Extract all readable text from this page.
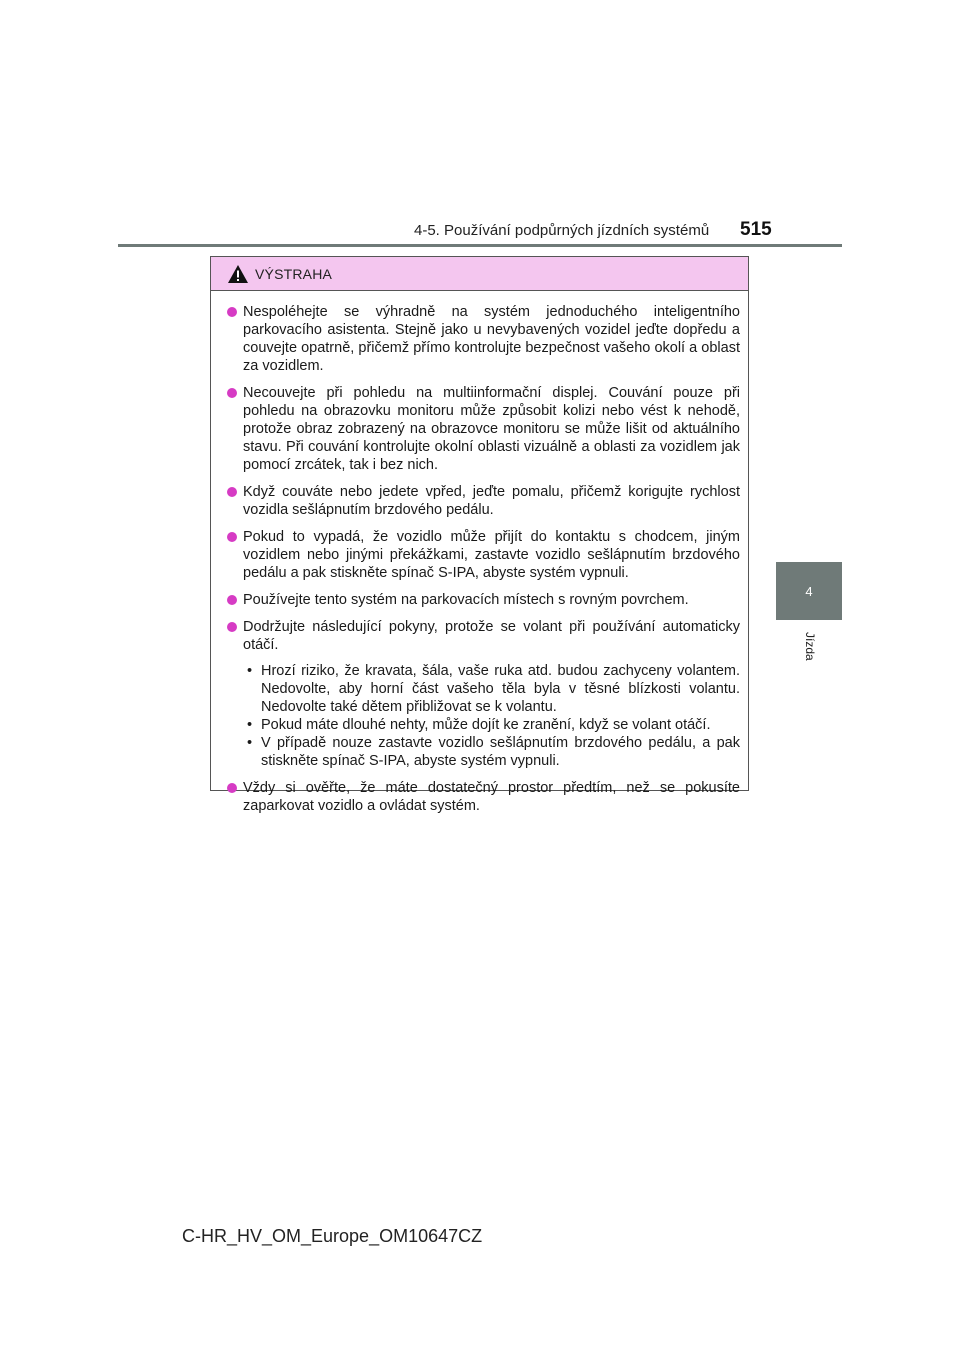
4-5. Používání podpůrných jízdních systémů 515
4
Jízda
VÝSTRAHA
Nespoléhejte se výhradně na systém jednoduchého inteligentního parkovacího asistenta. Stejně jako u nevybavených vozidel jeďte dopředu a couvejte opatrně, přičemž přímo kontrolujte bezpečnost vašeho okolí a oblast za vozidlem.
Necouvejte při pohledu na multiinformační displej. Couvání pouze při pohledu na obrazovku monitoru může způsobit kolizi nebo vést k nehodě, protože obraz zobrazený na obrazovce monitoru se může lišit od aktuálního stavu. Při couvání kontrolujte okolní oblasti vizuálně a oblasti za vozidlem jak pomocí zrcátek, tak i bez nich.
Když couváte nebo jedete vpřed, jeďte pomalu, přičemž korigujte rychlost vozidla sešlápnutím brzdového pedálu.
Pokud to vypadá, že vozidlo může přijít do kontaktu s chodcem, jiným vozidlem nebo jinými překážkami, zastavte vozidlo sešlápnutím brzdového pedálu a pak stiskněte spínač S-IPA, abyste systém vypnuli.
Používejte tento systém na parkovacích místech s rovným povrchem.
Dodržujte následující pokyny, protože se volant při používání automaticky otáčí.
• Hrozí riziko, že kravata, šála, vaše ruka atd. budou zachyceny volantem. Nedovolte, aby horní část vašeho těla byla v těsné blízkosti volantu. Nedovolte také dětem přibližovat se k volantu.
• Pokud máte dlouhé nehty, může dojít ke zranění, když se volant otáčí.
• V případě nouze zastavte vozidlo sešlápnutím brzdového pedálu, a pak stiskněte spínač S-IPA, abyste systém vypnuli.
Vždy si ověřte, že máte dostatečný prostor předtím, než se pokusíte zaparkovat vozidlo a ovládat systém.
C-HR_HV_OM_Europe_OM10647CZ
